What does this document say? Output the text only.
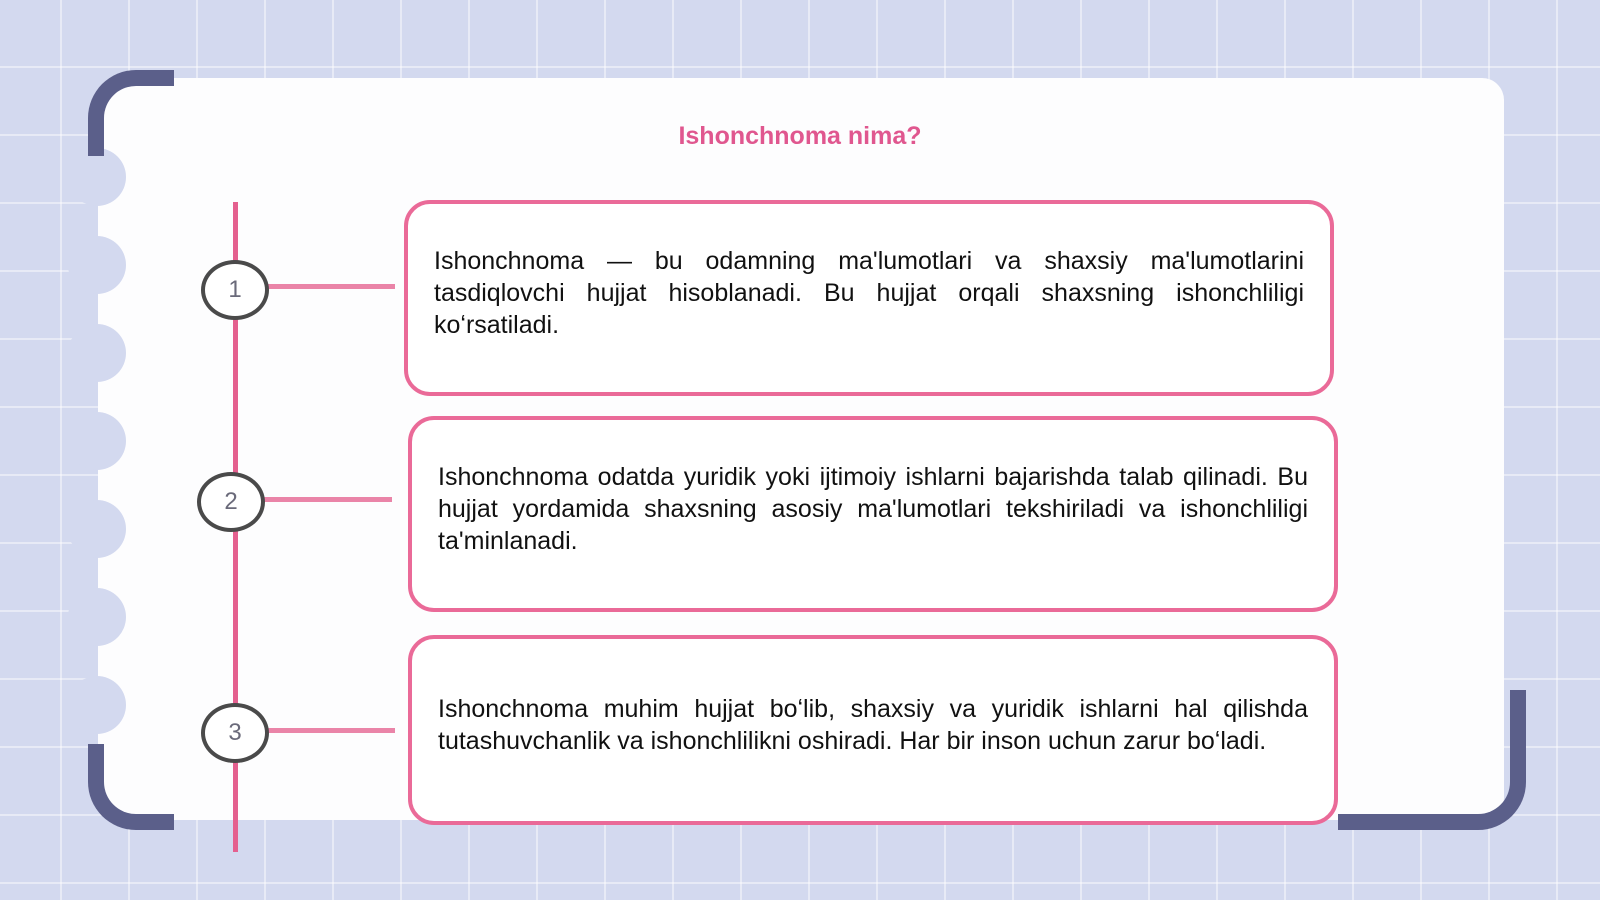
Ishonchnoma nima?
1
2
3

Ishonchnoma — bu odamning ma'lumotlari va shaxsiy ma'lumotlarini tasdiqlovchi hujjat hisoblanadi. Bu hujjat orqali shaxsning ishonchliligi koʻrsatiladi.

Ishonchnoma odatda yuridik yoki ijtimoiy ishlarni bajarishda talab qilinadi. Bu hujjat yordamida shaxsning asosiy ma'lumotlari tekshiriladi va ishonchliligi ta'minlanadi.

Ishonchnoma muhim hujjat boʻlib, shaxsiy va yuridik ishlarni hal qilishda tutashuvchanlik va ishonchlilikni oshiradi. Har bir inson uchun zarur boʻladi.
